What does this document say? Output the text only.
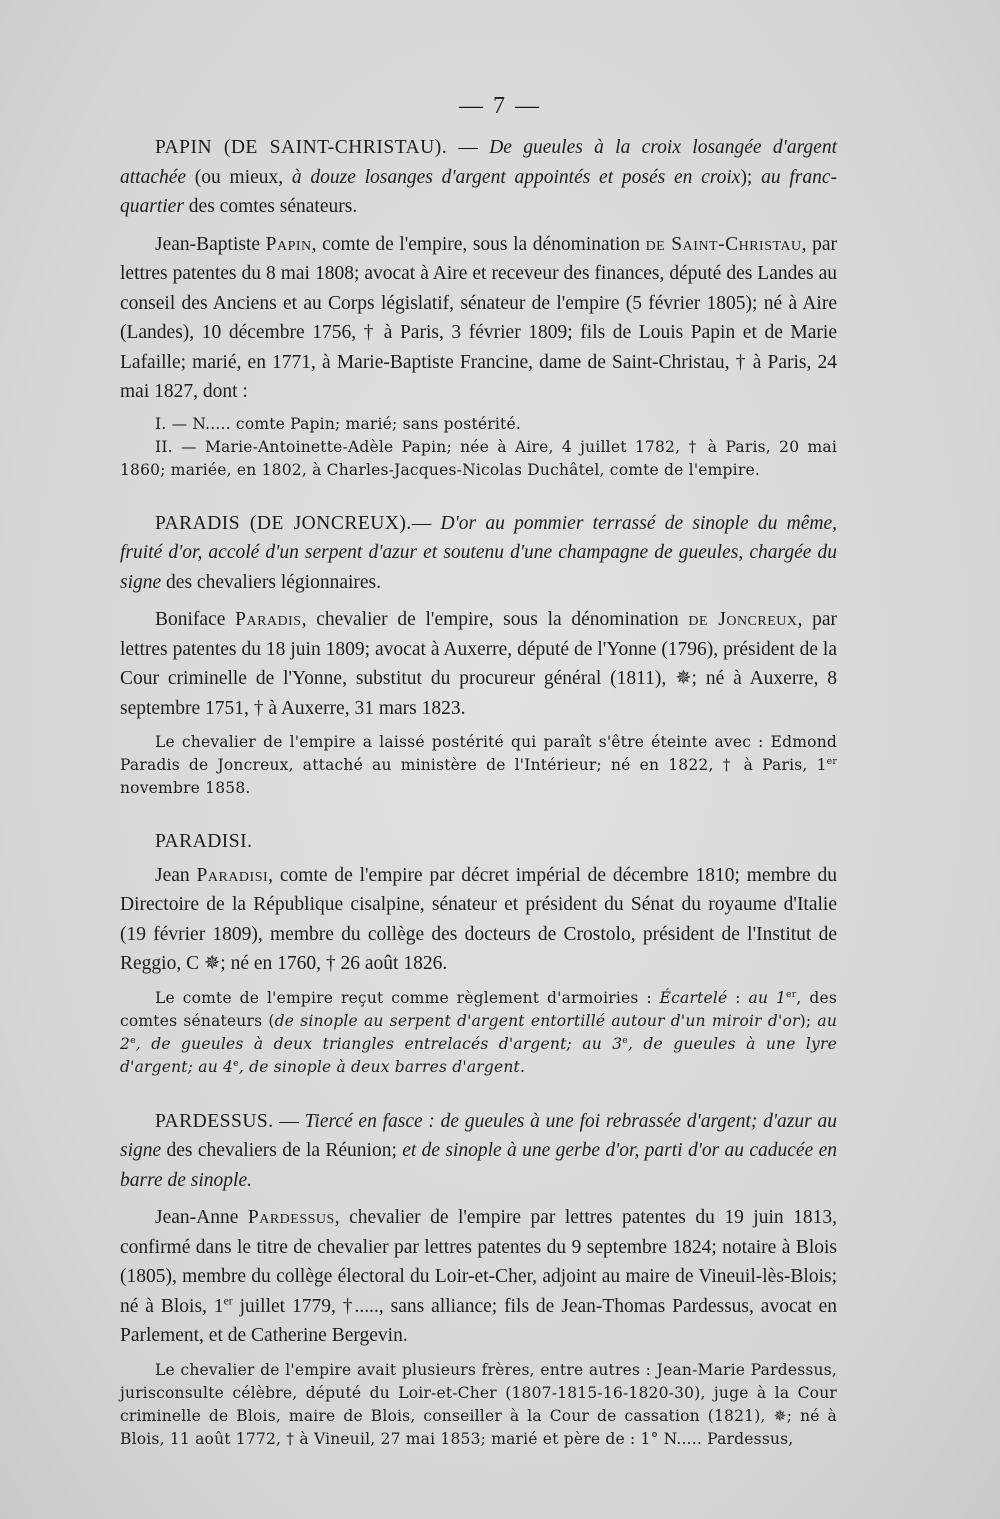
— 7 —

PAPIN (DE SAINT-CHRISTAU). — De gueules à la croix losangée d'argent attachée (ou mieux, à douze losanges d'argent appointés et posés en croix); au franc-quartier des comtes sénateurs.

Jean-Baptiste Papin, comte de l'empire, sous la dénomination de Saint-Christau, par lettres patentes du 8 mai 1808; avocat à Aire et receveur des finances, député des Landes au conseil des Anciens et au Corps législatif, sénateur de l'empire (5 février 1805); né à Aire (Landes), 10 décembre 1756, † à Paris, 3 février 1809; fils de Louis Papin et de Marie Lafaille; marié, en 1771, à Marie-Baptiste Francine, dame de Saint-Christau, † à Paris, 24 mai 1827, dont :

I. — N..... comte Papin; marié; sans postérité.

II. — Marie-Antoinette-Adèle Papin; née à Aire, 4 juillet 1782, † à Paris, 20 mai 1860; mariée, en 1802, à Charles-Jacques-Nicolas Duchâtel, comte de l'empire.

PARADIS (DE JONCREUX).— D'or au pommier terrassé de sinople du même, fruité d'or, accolé d'un serpent d'azur et soutenu d'une champagne de gueules, chargée du signe des chevaliers légionnaires.

Boniface Paradis, chevalier de l'empire, sous la dénomination de Joncreux, par lettres patentes du 18 juin 1809; avocat à Auxerre, député de l'Yonne (1796), président de la Cour criminelle de l'Yonne, substitut du procureur général (1811), ✵; né à Auxerre, 8 septembre 1751, † à Auxerre, 31 mars 1823.

Le chevalier de l'empire a laissé postérité qui paraît s'être éteinte avec : Edmond Paradis de Joncreux, attaché au ministère de l'Intérieur; né en 1822, † à Paris, 1er novembre 1858.

PARADISI.

Jean Paradisi, comte de l'empire par décret impérial de décembre 1810; membre du Directoire de la République cisalpine, sénateur et président du Sénat du royaume d'Italie (19 février 1809), membre du collège des docteurs de Crostolo, président de l'Institut de Reggio, C ✵; né en 1760, † 26 août 1826.

Le comte de l'empire reçut comme règlement d'armoiries : Écartelé : au 1er, des comtes sénateurs (de sinople au serpent d'argent entortillé autour d'un miroir d'or); au 2e, de gueules à deux triangles entrelacés d'argent; au 3e, de gueules à une lyre d'argent; au 4e, de sinople à deux barres d'argent.

PARDESSUS. — Tiercé en fasce : de gueules à une foi rebrassée d'argent; d'azur au signe des chevaliers de la Réunion; et de sinople à une gerbe d'or, parti d'or au caducée en barre de sinople.

Jean-Anne Pardessus, chevalier de l'empire par lettres patentes du 19 juin 1813, confirmé dans le titre de chevalier par lettres patentes du 9 septembre 1824; notaire à Blois (1805), membre du collège électoral du Loir-et-Cher, adjoint au maire de Vineuil-lès-Blois; né à Blois, 1er juillet 1779, †....., sans alliance; fils de Jean-Thomas Pardessus, avocat en Parlement, et de Catherine Bergevin.

Le chevalier de l'empire avait plusieurs frères, entre autres : Jean-Marie Pardessus, jurisconsulte célèbre, député du Loir-et-Cher (1807-1815-16-1820-30), juge à la Cour criminelle de Blois, maire de Blois, conseiller à la Cour de cassation (1821), ✵; né à Blois, 11 août 1772, † à Vineuil, 27 mai 1853; marié et père de : 1° N..... Pardessus,
